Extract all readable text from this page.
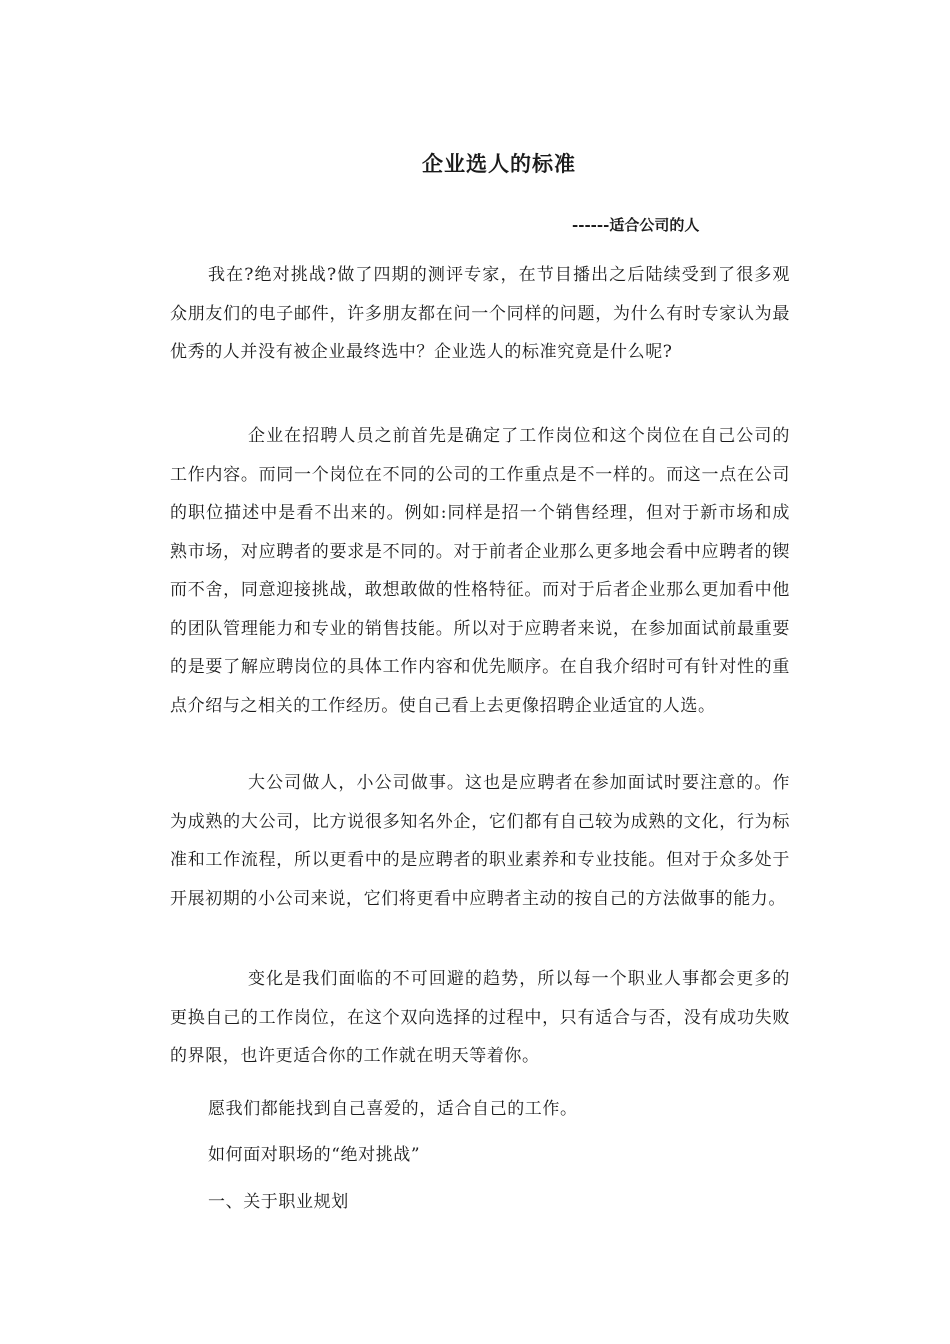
企业选人的标准
------适合公司的人

我在?绝对挑战?做了四期的测评专家，在节目播出之后陆续受到了很多观众朋友们的电子邮件，许多朋友都在问一个同样的问题，为什么有时专家认为最优秀的人并没有被企业最终选中？企业选人的标准究竟是什么呢?

企业在招聘人员之前首先是确定了工作岗位和这个岗位在自己公司的工作内容。而同一个岗位在不同的公司的工作重点是不一样的。而这一点在公司的职位描述中是看不出来的。例如:同样是招一个销售经理，但对于新市场和成熟市场，对应聘者的要求是不同的。对于前者企业那么更多地会看中应聘者的锲而不舍，同意迎接挑战，敢想敢做的性格特征。而对于后者企业那么更加看中他的团队管理能力和专业的销售技能。所以对于应聘者来说，在参加面试前最重要的是要了解应聘岗位的具体工作内容和优先顺序。在自我介绍时可有针对性的重点介绍与之相关的工作经历。使自己看上去更像招聘企业适宜的人选。

大公司做人，小公司做事。这也是应聘者在参加面试时要注意的。作为成熟的大公司，比方说很多知名外企，它们都有自己较为成熟的文化，行为标准和工作流程，所以更看中的是应聘者的职业素养和专业技能。但对于众多处于开展初期的小公司来说，它们将更看中应聘者主动的按自己的方法做事的能力。

变化是我们面临的不可回避的趋势，所以每一个职业人事都会更多的更换自己的工作岗位，在这个双向选择的过程中，只有适合与否，没有成功失败的界限，也许更适合你的工作就在明天等着你。

愿我们都能找到自己喜爱的，适合自己的工作。

如何面对职场的“绝对挑战”

一、关于职业规划
